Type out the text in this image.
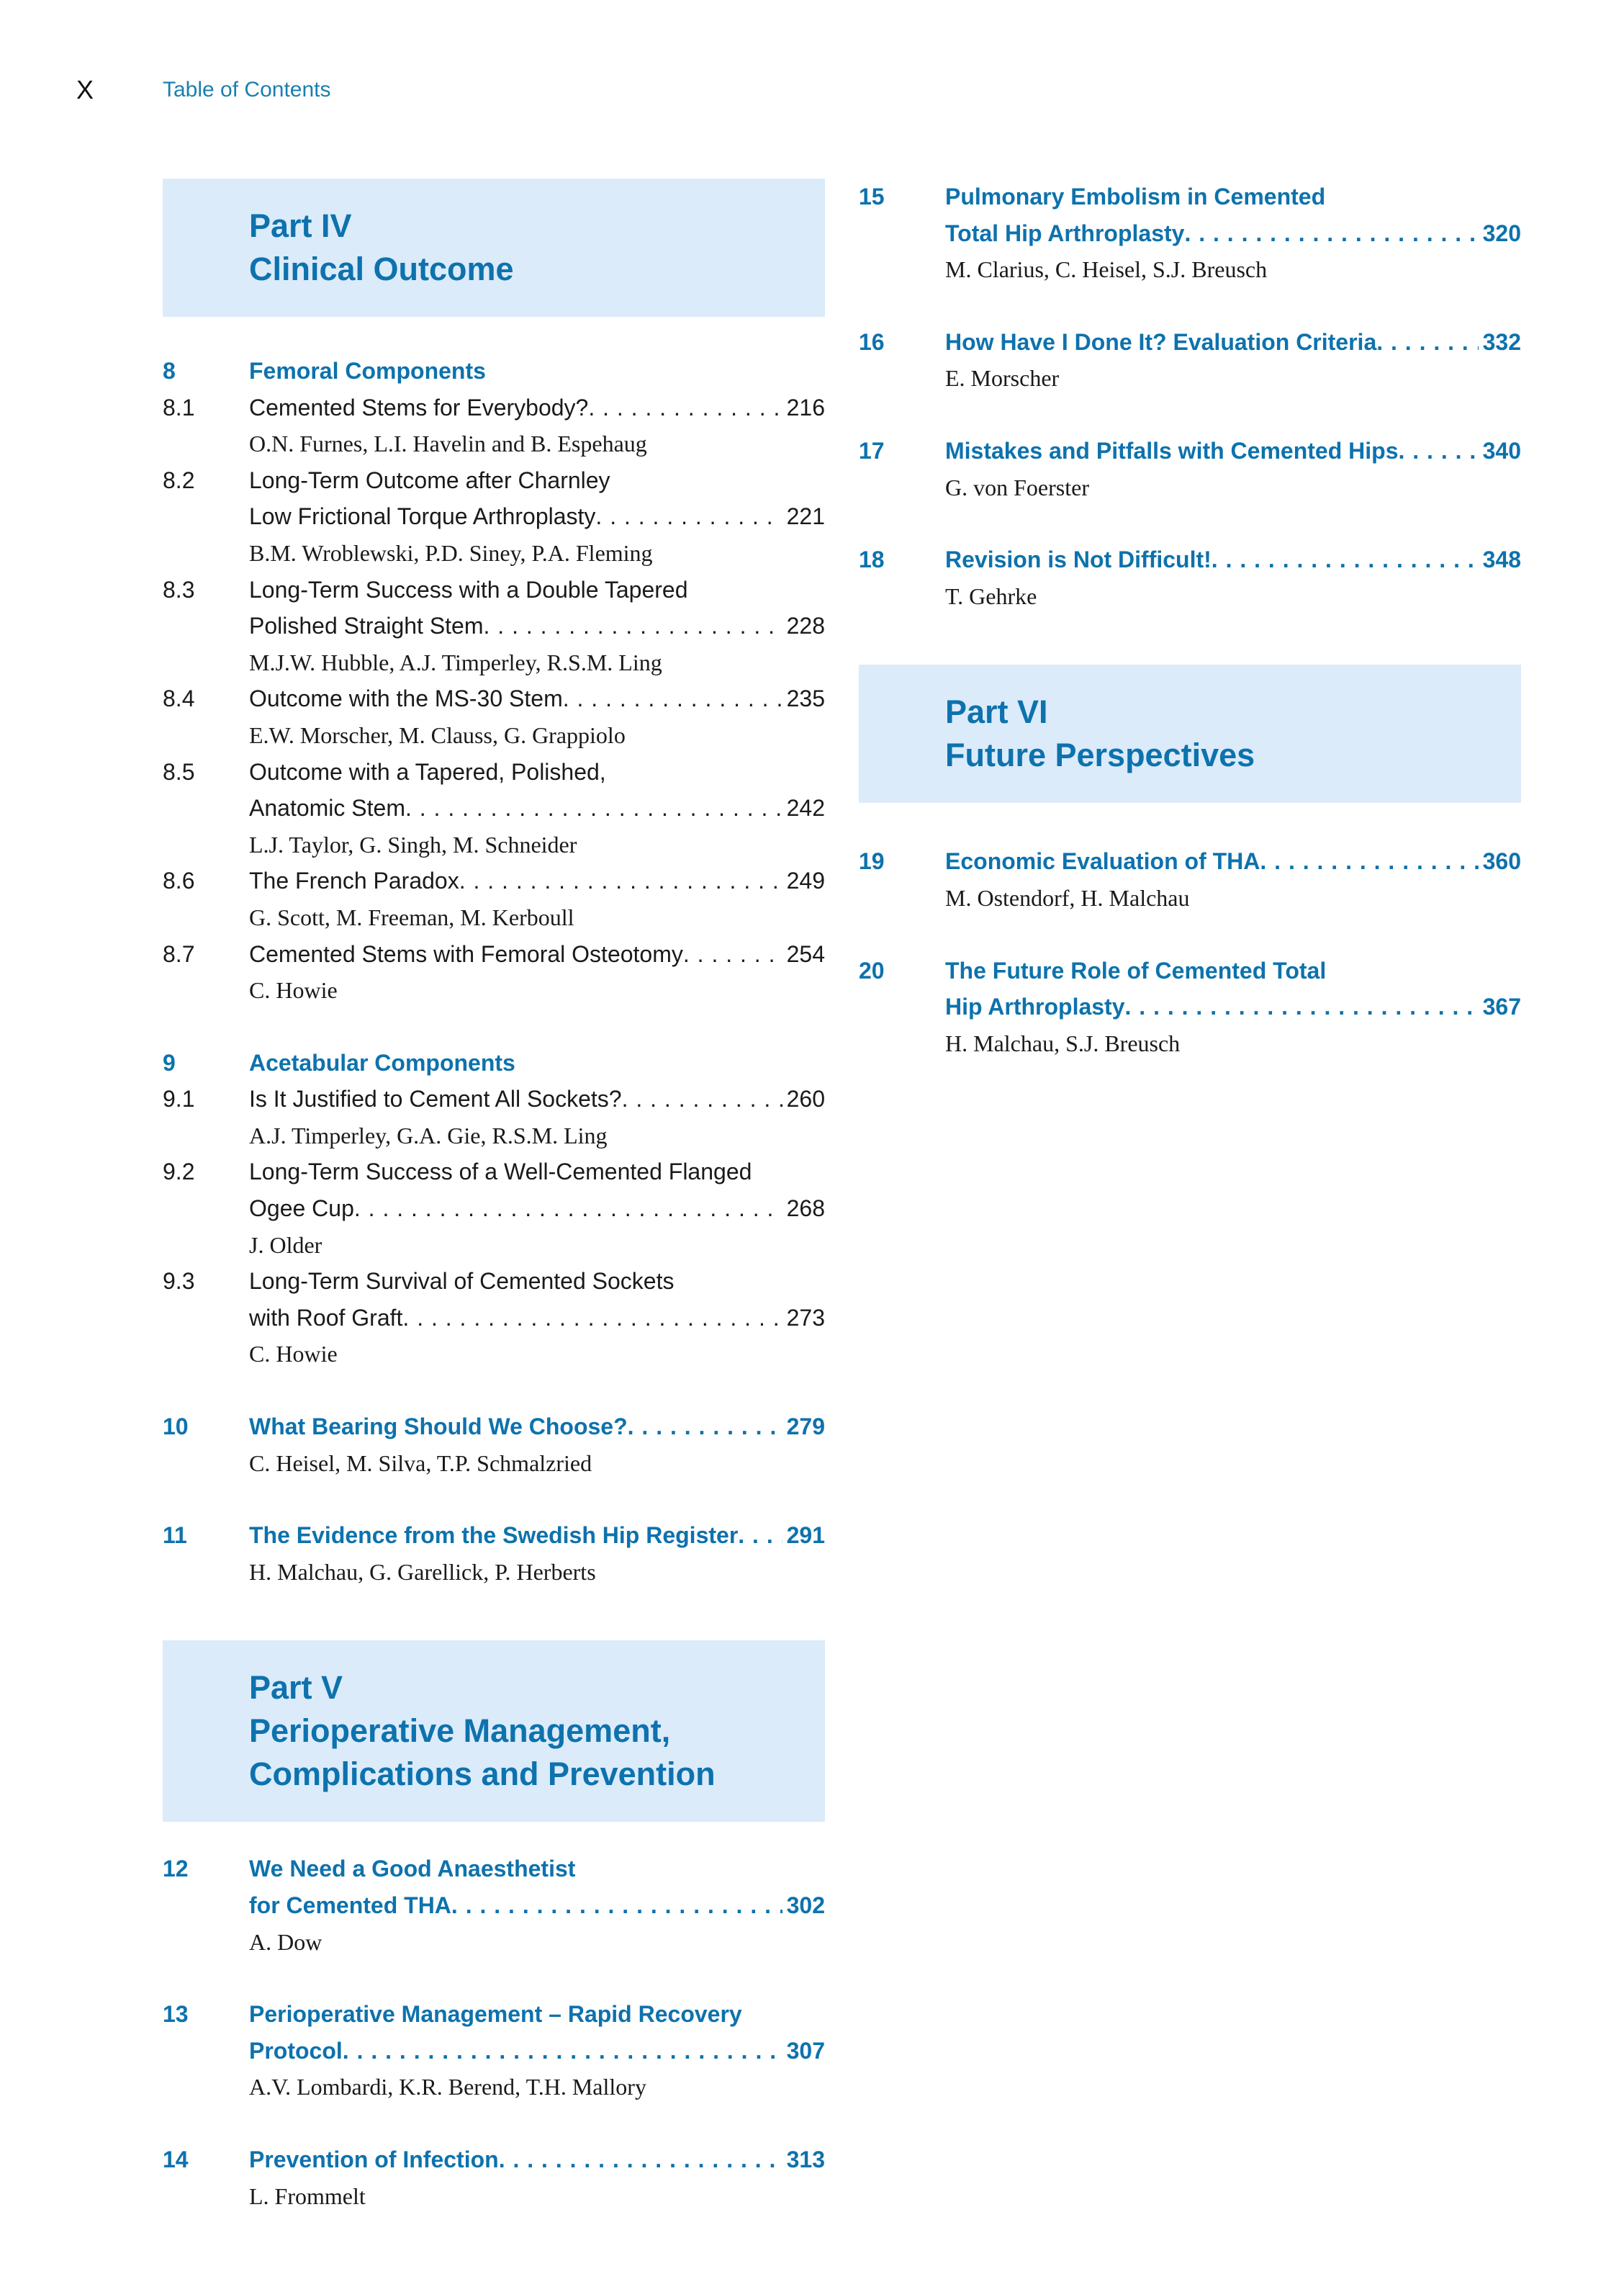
X	Table of Contents
Part IV
Clinical Outcome
8	Femoral Components
8.1	Cemented Stems for Everybody? . . .	216
O.N. Furnes, L.I. Havelin and B. Espehaug
8.2	Long-Term Outcome after Charnley
Low Frictional Torque Arthroplasty . . .	221
B.M. Wroblewski, P.D. Siney, P.A. Fleming
8.3	Long-Term Success with a Double Tapered
Polished Straight Stem . . .	228
M.J.W. Hubble, A.J. Timperley, R.S.M. Ling
8.4	Outcome with the MS-30 Stem . . .	235
E.W. Morscher, M. Clauss, G. Grappiolo
8.5	Outcome with a Tapered, Polished,
Anatomic Stem . . .	242
L.J. Taylor, G. Singh, M. Schneider
8.6	The French Paradox . . .	249
G. Scott, M. Freeman, M. Kerboull
8.7	Cemented Stems with Femoral Osteotomy . . .	254
C. Howie
9	Acetabular Components
9.1	Is It Justified to Cement All Sockets? . . .	260
A.J. Timperley, G.A. Gie, R.S.M. Ling
9.2	Long-Term Success of a Well-Cemented Flanged
Ogee Cup . . .	268
J. Older
9.3	Long-Term Survival of Cemented Sockets
with Roof Graft . . .	273
C. Howie
10	What Bearing Should We Choose? . . .	279
C. Heisel, M. Silva, T.P. Schmalzried
11	The Evidence from the Swedish Hip Register . . . 291
H. Malchau, G. Garellick, P. Herberts
Part V
Perioperative Management,
Complications and Prevention
12	We Need a Good Anaesthetist
for Cemented THA . . .	302
A. Dow
13	Perioperative Management – Rapid Recovery
Protocol . . .	307
A.V. Lombardi, K.R. Berend, T.H. Mallory
14	Prevention of Infection . . .	313
L. Frommelt
15	Pulmonary Embolism in Cemented
Total Hip Arthroplasty . . .	320
M. Clarius, C. Heisel, S.J. Breusch
16	How Have I Done It? Evaluation Criteria . . .	332
E. Morscher
17	Mistakes and Pitfalls with Cemented Hips . . .	340
G. von Foerster
18	Revision is Not Difficult! . . .	348
T. Gehrke
Part VI
Future Perspectives
19	Economic Evaluation of THA . . .	360
M. Ostendorf, H. Malchau
20	The Future Role of Cemented Total
Hip Arthroplasty . . .	367
H. Malchau, S.J. Breusch
